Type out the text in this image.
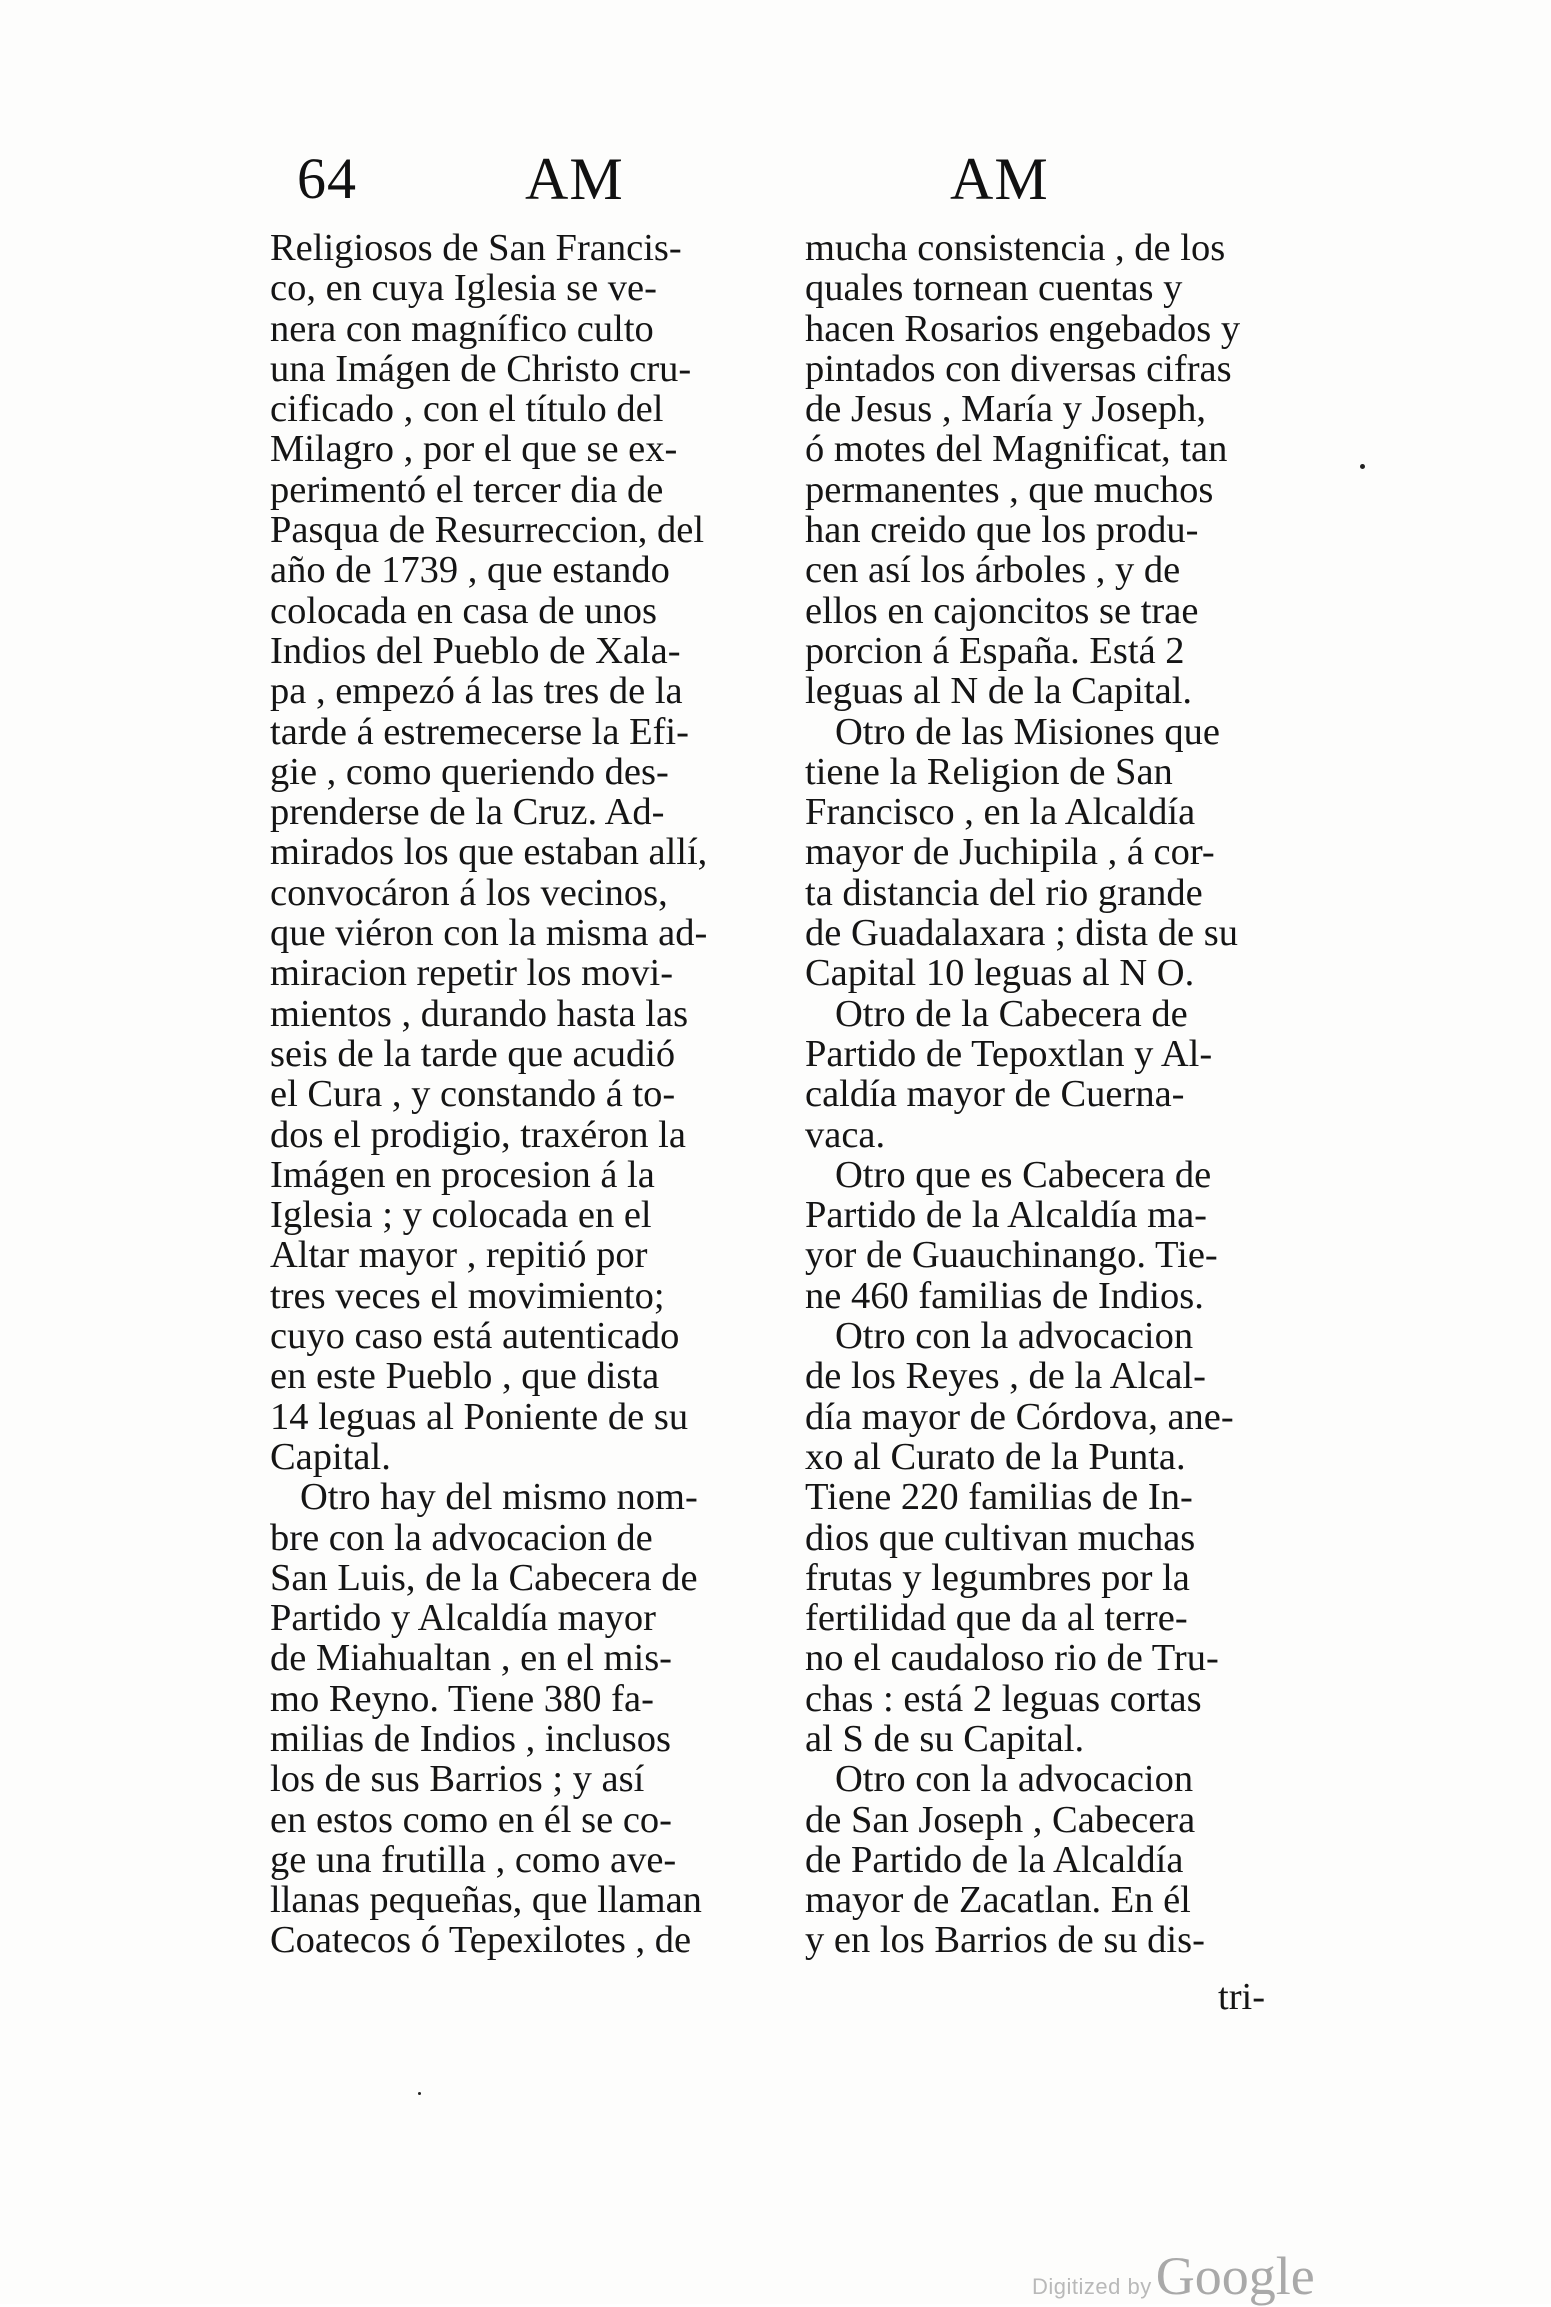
64	AM	AM
Religiosos de San Francis-
co, en cuya Iglesia se ve-
nera con magnífico culto
una Imágen de Christo cru-
cificado , con el título del
Milagro , por el que se ex-
perimentó el tercer dia de
Pasqua de Resurreccion, del
año de 1739 , que estando
colocada en casa de unos
Indios del Pueblo de Xala-
pa , empezó á las tres de la
tarde á estremecerse la Efi-
gie , como queriendo des-
prenderse de la Cruz. Ad-
mirados los que estaban allí,
convocáron á los vecinos,
que viéron con la misma ad-
miracion repetir los movi-
mientos , durando hasta las
seis de la tarde que acudió
el Cura , y constando á to-
dos el prodigio, traxéron la
Imágen en procesion á la
Iglesia ; y colocada en el
Altar mayor , repitió por
tres veces el movimiento;
cuyo caso está autenticado
en este Pueblo , que dista
14 leguas al Poniente de su
Capital.
Otro hay del mismo nom-
bre con la advocacion de
San Luis, de la Cabecera de
Partido y Alcaldía mayor
de Miahualtan , en el mis-
mo Reyno. Tiene 380 fa-
milias de Indios , inclusos
los de sus Barrios ; y así
en estos como en él se co-
ge una frutilla , como ave-
llanas pequeñas, que llaman
Coatecos ó Tepexilotes , de
mucha consistencia , de los
quales tornean cuentas y
hacen Rosarios engebados y
pintados con diversas cifras
de Jesus , María y Joseph,
ó motes del Magnificat, tan
permanentes , que muchos
han creido que los produ-
cen así los árboles , y de
ellos en cajoncitos se trae
porcion á España. Está 2
leguas al N de la Capital.
Otro de las Misiones que
tiene la Religion de San
Francisco , en la Alcaldía
mayor de Juchipila , á cor-
ta distancia del rio grande
de Guadalaxara ; dista de su
Capital 10 leguas al N O.
Otro de la Cabecera de
Partido de Tepoxtlan y Al-
caldía mayor de Cuerna-
vaca.
Otro que es Cabecera de
Partido de la Alcaldía ma-
yor de Guauchinango. Tie-
ne 460 familias de Indios.
Otro con la advocacion
de los Reyes , de la Alcal-
día mayor de Córdova, ane-
xo al Curato de la Punta.
Tiene 220 familias de In-
dios que cultivan muchas
frutas y legumbres por la
fertilidad que da al terre-
no el caudaloso rio de Tru-
chas : está 2 leguas cortas
al S de su Capital.
Otro con la advocacion
de San Joseph , Cabecera
de Partido de la Alcaldía
mayor de Zacatlan. En él
y en los Barrios de su dis-
tri-
Digitized byGoogle
